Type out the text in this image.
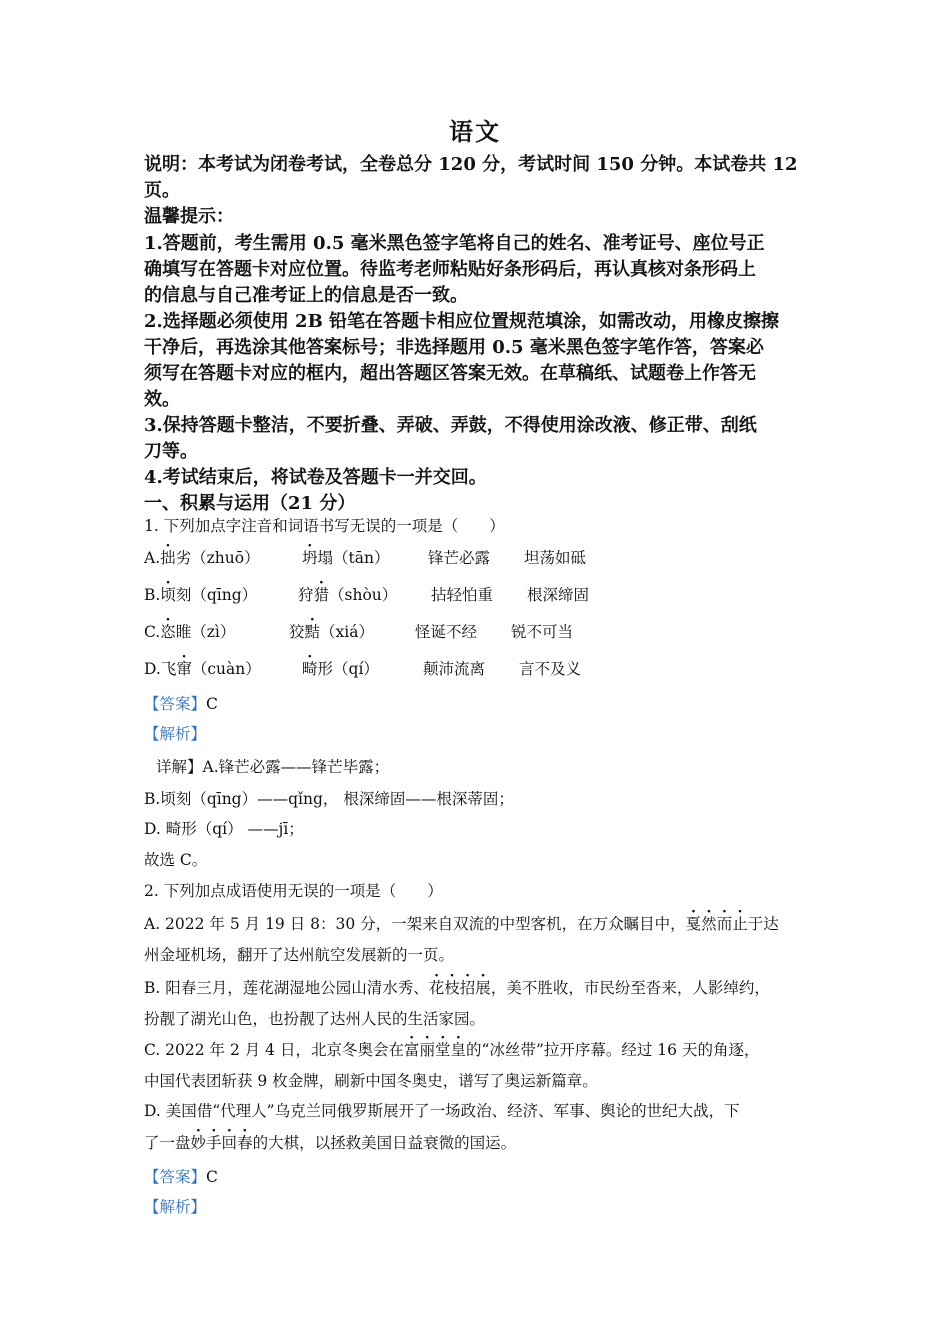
语文
说明：本考试为闭卷考试，全卷总分 120 分，考试时间 150 分钟。本试卷共 12
页。
温馨提示：
1.答题前，考生需用 0.5 毫米黑色签字笔将自己的姓名、准考证号、座位号正
确填写在答题卡对应位置。待监考老师粘贴好条形码后，再认真核对条形码上
的信息与自己准考证上的信息是否一致。
2.选择题必须使用 2B 铅笔在答题卡相应位置规范填涂，如需改动，用橡皮擦擦
干净后，再选涂其他答案标号；非选择题用 0.5 毫米黑色签字笔作答，答案必
须写在答题卡对应的框内，超出答题区答案无效。在草稿纸、试题卷上作答无
效。
3.保持答题卡整洁，不要折叠、弄破、弄鼓，不得使用涂改液、修正带、刮纸
刀等。
4.考试结束后，将试卷及答题卡一并交回。
一、积累与运用（21 分）
1. 下列加点字注音和词语书写无误的一项是（　　）
A.拙劣（zhuō）	坍塌（tān） 锋芒必露 坦荡如砥
B.顷刻（qīng）	狩猎（shòu） 拈轻怕重 根深缔固
C.恣睢（zì）	狡黠（xiá）	怪诞不经 锐不可当
D.飞窜（cuàn）	畸形（qí）	颠沛流离 言不及义
【答案】C
【解析】
详解】A.锋芒必露——锋芒毕露；
B.顷刻（qīng）——qǐng， 根深缔固——根深蒂固；
D. 畸形（qí） ——jī；
故选 C。
2. 下列加点成语使用无误的一项是（　　）
A. 2022 年 5 月 19 日 8：30 分，一架来自双流的中型客机，在万众瞩目中，戛然而止于达
州金垭机场，翻开了达州航空发展新的一页。
B. 阳春三月，莲花湖湿地公园山清水秀、花枝招展，美不胜收，市民纷至沓来，人影绰约，
扮靓了湖光山色，也扮靓了达州人民的生活家园。
C. 2022 年 2 月 4 日，北京冬奥会在富丽堂皇的“冰丝带”拉开序幕。经过 16 天的角逐，
中国代表团斩获 9 枚金牌，刷新中国冬奥史，谱写了奥运新篇章。
D. 美国借“代理人”乌克兰同俄罗斯展开了一场政治、经济、军事、舆论的世纪大战，下
了一盘妙手回春的大棋，以拯救美国日益衰微的国运。
【答案】C
【解析】
